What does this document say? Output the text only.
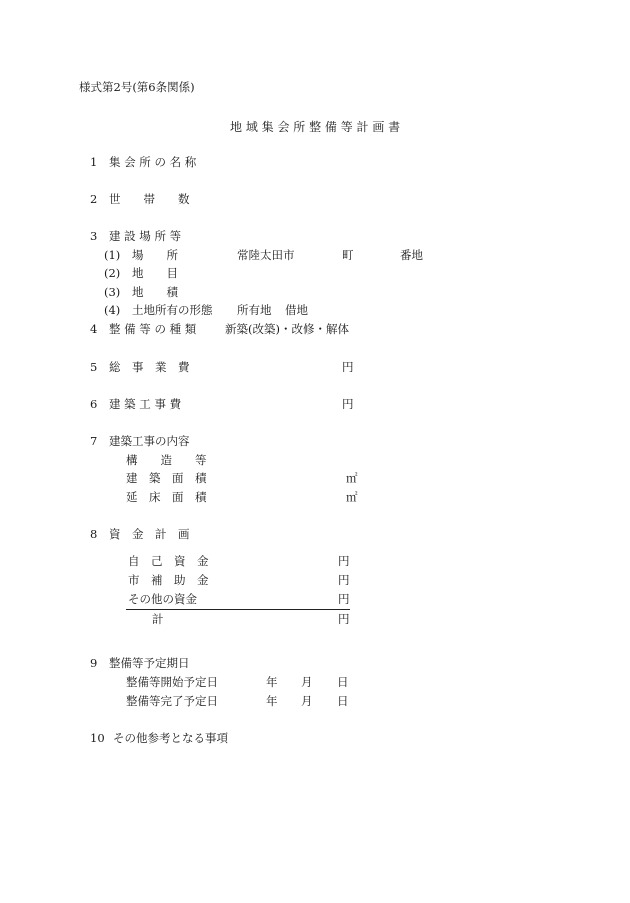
様式第2号(第6条関係)
地 域 集 会 所 整 備 等 計 画 書
1 集 会 所 の 名 称
2 世　　帯　　数
3 建 設 場 所 等
(1) 場　　所	常陸太田市	町	番地
(2) 地　　目
(3) 地　　積
(4) 土地所有の形態 所有地 借地
4 整 備 等 の 種 類 新築(改築)・改修・解体
5 総　事　業　費	円
6 建 築 工 事 費	円
7 建築工事の内容
構　　造　　等
建　築　面　積	㎡
延　床　面　積	㎡
8 資　金　計　画
自　己　資　金	円
市　補　助　金	円
その他の資金	円
計	円
9 整備等予定期日
整備等開始予定日	年 月 日
整備等完了予定日	年 月 日
10 その他参考となる事項
